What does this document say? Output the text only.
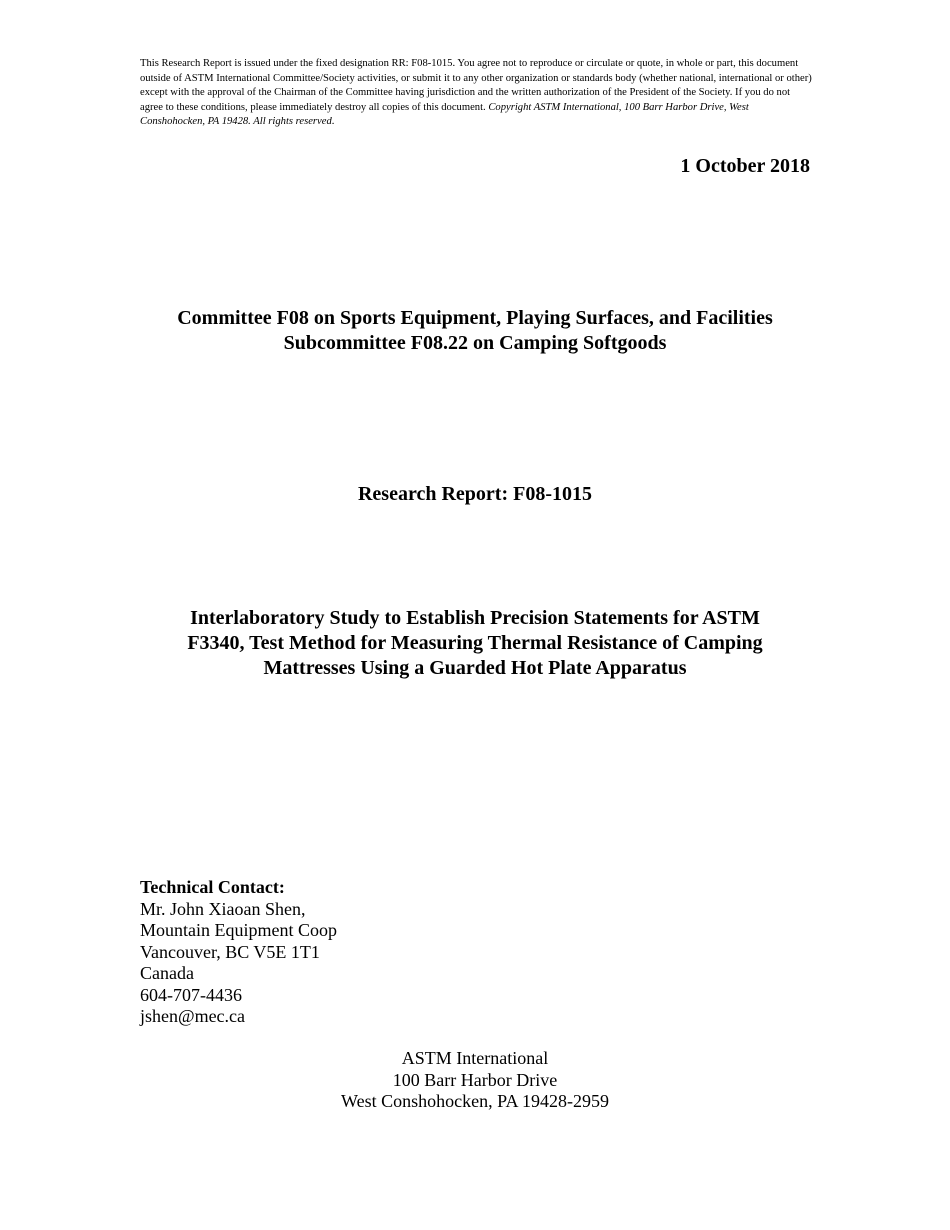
This Research Report is issued under the fixed designation RR: F08-1015. You agree not to reproduce or circulate or quote, in whole or part, this document outside of ASTM International Committee/Society activities, or submit it to any other organization or standards body (whether national, international or other) except with the approval of the Chairman of the Committee having jurisdiction and the written authorization of the President of the Society. If you do not agree to these conditions, please immediately destroy all copies of this document. Copyright ASTM International, 100 Barr Harbor Drive, West Conshohocken, PA 19428. All rights reserved.
1 October 2018
Committee F08 on Sports Equipment, Playing Surfaces, and Facilities
Subcommittee F08.22 on Camping Softgoods
Research Report: F08-1015
Interlaboratory Study to Establish Precision Statements for ASTM
F3340, Test Method for Measuring Thermal Resistance of Camping
Mattresses Using a Guarded Hot Plate Apparatus
Technical Contact:
Mr. John Xiaoan Shen,
Mountain Equipment Coop
Vancouver, BC V5E 1T1
Canada
604-707-4436
jshen@mec.ca
ASTM International
100 Barr Harbor Drive
West Conshohocken, PA 19428-2959
